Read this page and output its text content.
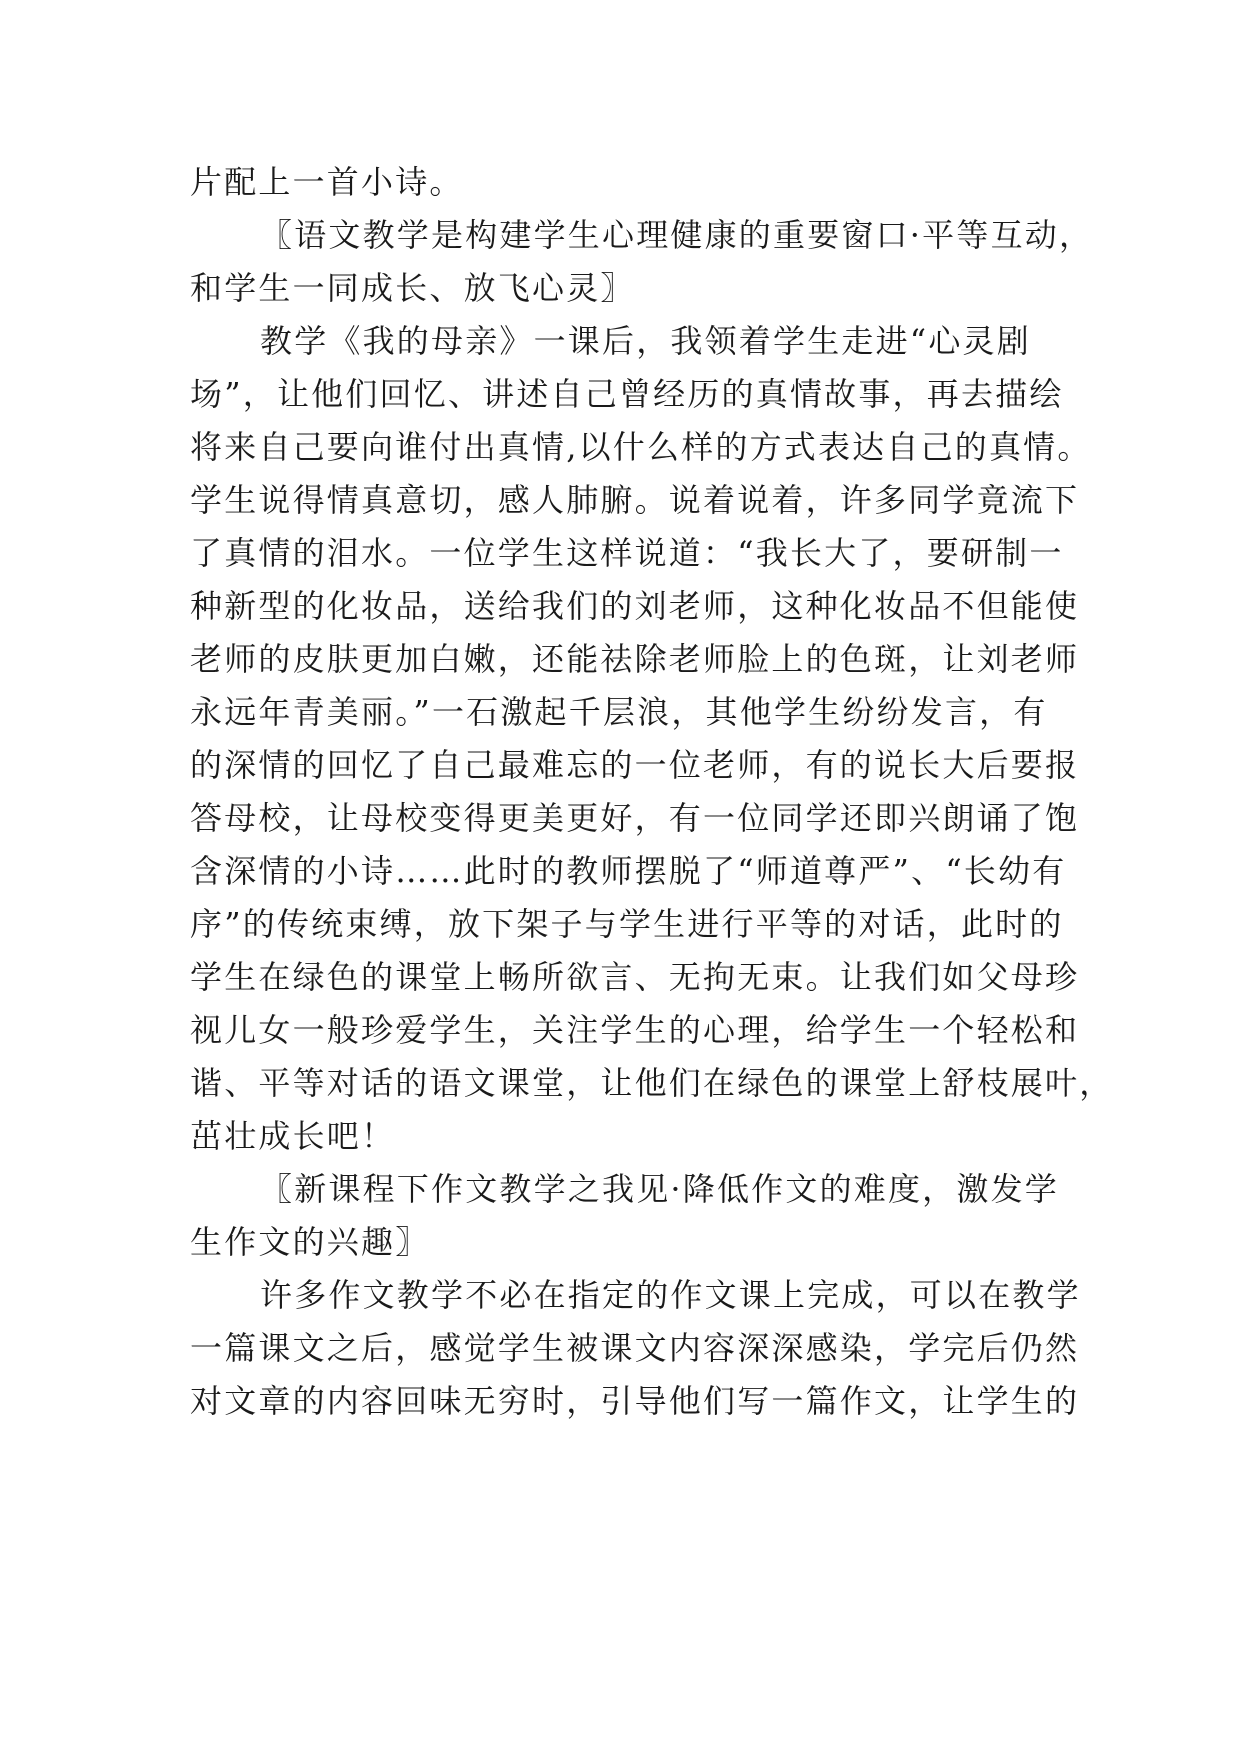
片配上一首小诗。
〖语文教学是构建学生心理健康的重要窗口·平等互动，
和学生一同成长、放飞心灵〗
教学《我的母亲》一课后，我领着学生走进“心灵剧
场”，让他们回忆、讲述自己曾经历的真情故事，再去描绘
将来自己要向谁付出真情,以什么样的方式表达自己的真情。
学生说得情真意切，感人肺腑。说着说着，许多同学竟流下
了真情的泪水。一位学生这样说道：“我长大了，要研制一
种新型的化妆品，送给我们的刘老师，这种化妆品不但能使
老师的皮肤更加白嫩，还能祛除老师脸上的色斑，让刘老师
永远年青美丽。”一石激起千层浪，其他学生纷纷发言，有
的深情的回忆了自己最难忘的一位老师，有的说长大后要报
答母校，让母校变得更美更好，有一位同学还即兴朗诵了饱
含深情的小诗……此时的教师摆脱了“师道尊严”、“长幼有
序”的传统束缚，放下架子与学生进行平等的对话，此时的
学生在绿色的课堂上畅所欲言、无拘无束。让我们如父母珍
视儿女一般珍爱学生，关注学生的心理，给学生一个轻松和
谐、平等对话的语文课堂，让他们在绿色的课堂上舒枝展叶，
茁壮成长吧！
〖新课程下作文教学之我见·降低作文的难度，激发学
生作文的兴趣〗
许多作文教学不必在指定的作文课上完成，可以在教学
一篇课文之后，感觉学生被课文内容深深感染，学完后仍然
对文章的内容回味无穷时，引导他们写一篇作文，让学生的
